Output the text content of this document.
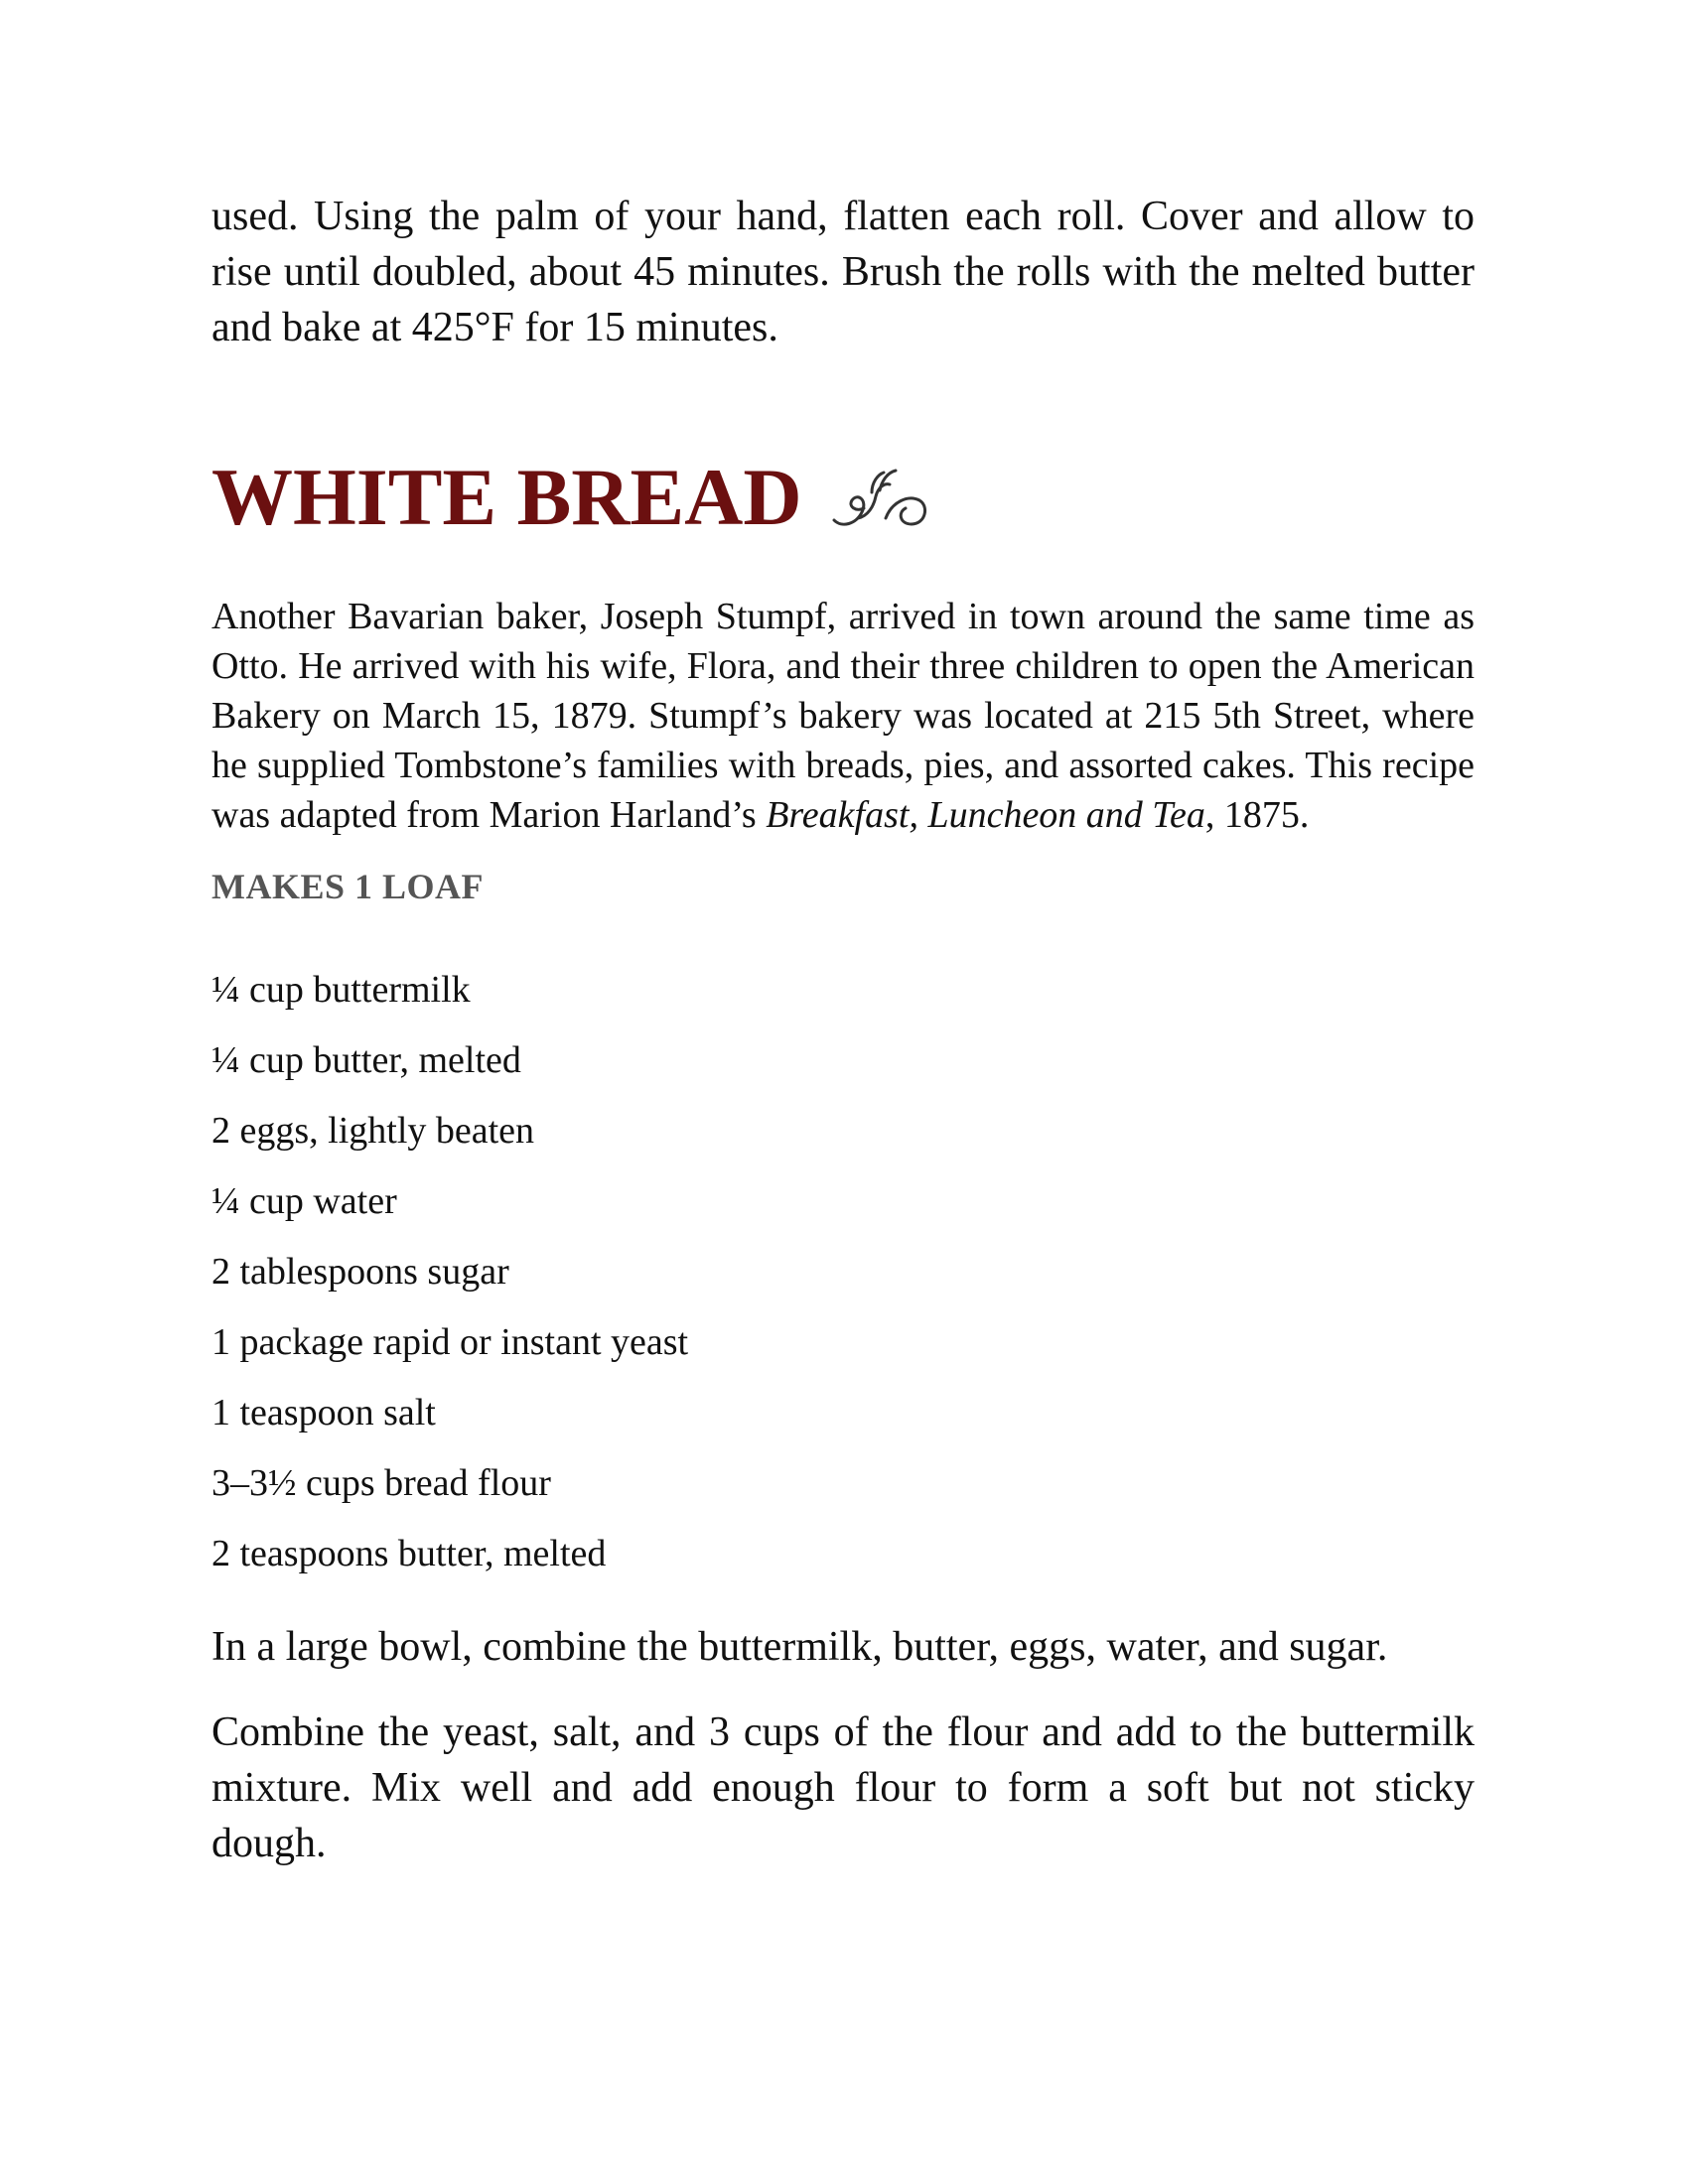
used. Using the palm of your hand, flatten each roll. Cover and allow to rise until doubled, about 45 minutes. Brush the rolls with the melted butter and bake at 425°F for 15 minutes.

WHITE BREAD

Another Bavarian baker, Joseph Stumpf, arrived in town around the same time as Otto. He arrived with his wife, Flora, and their three children to open the American Bakery on March 15, 1879. Stumpf’s bakery was located at 215 5th Street, where he supplied Tombstone’s families with breads, pies, and assorted cakes. This recipe was adapted from Marion Harland’s Breakfast, Luncheon and Tea, 1875.

MAKES 1 LOAF
¼ cup buttermilk
¼ cup butter, melted
2 eggs, lightly beaten
¼ cup water
2 tablespoons sugar
1 package rapid or instant yeast
1 teaspoon salt
3–3½ cups bread flour
2 teaspoons butter, melted

In a large bowl, combine the buttermilk, butter, eggs, water, and sugar.

Combine the yeast, salt, and 3 cups of the flour and add to the buttermilk mixture. Mix well and add enough flour to form a soft but not sticky dough.
